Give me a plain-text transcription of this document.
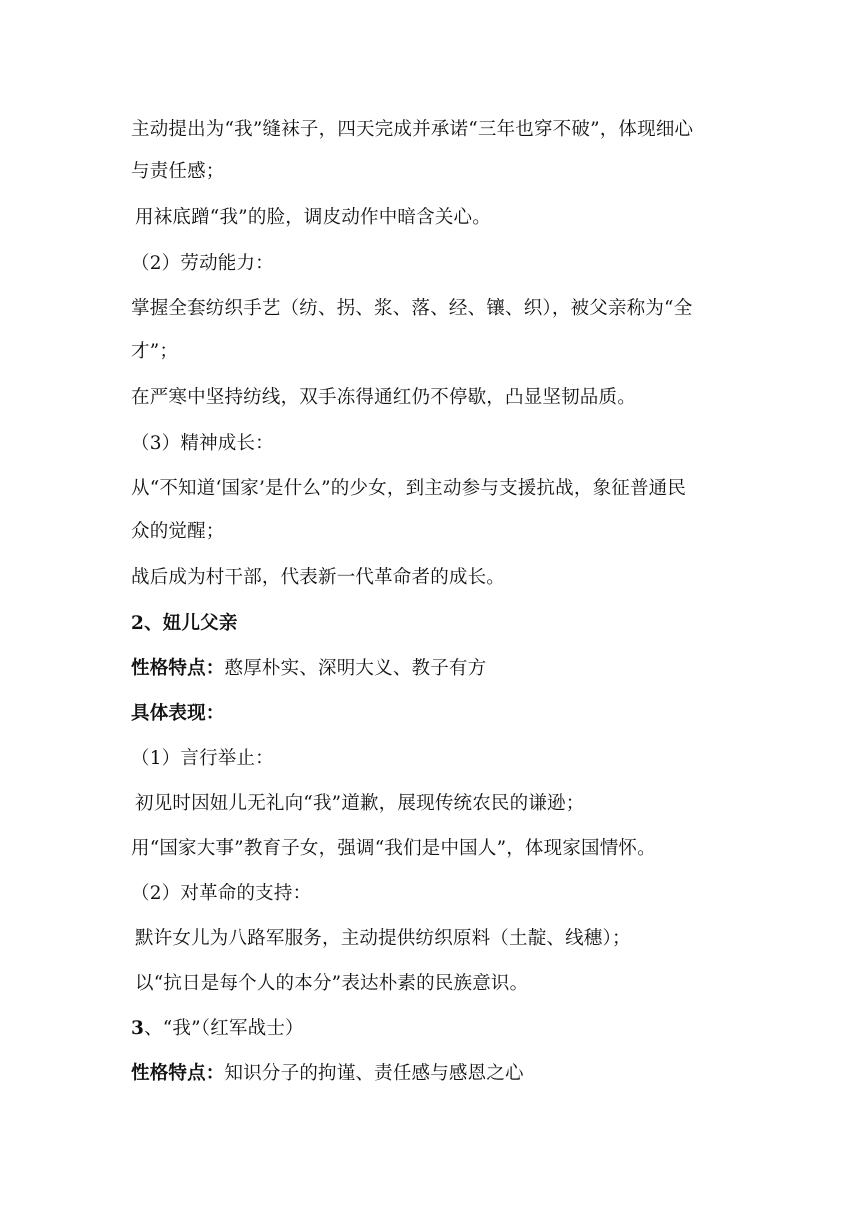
主动提出为“我”缝袜子，四天完成并承诺“三年也穿不破”，体现细心
与责任感；
用袜底蹭“我”的脸，调皮动作中暗含关心。
（2）劳动能力：
掌握全套纺织手艺（纺、拐、浆、落、经、镶、织），被父亲称为“全
才”；
在严寒中坚持纺线，双手冻得通红仍不停歇，凸显坚韧品质。
（3）精神成长：
从“不知道‘国家’是什么”的少女，到主动参与支援抗战，象征普通民
众的觉醒；
战后成为村干部，代表新一代革命者的成长。
2、妞儿父亲
性格特点：憨厚朴实、深明大义、教子有方
具体表现：
（1）言行举止：
初见时因妞儿无礼向“我”道歉，展现传统农民的谦逊；
用“国家大事”教育子女，强调“我们是中国人”，体现家国情怀。
（2）对革命的支持：
默许女儿为八路军服务，主动提供纺织原料（土靛、线穗）；
以“抗日是每个人的本分”表达朴素的民族意识。
3、“我”（红军战士）
性格特点：知识分子的拘谨、责任感与感恩之心
